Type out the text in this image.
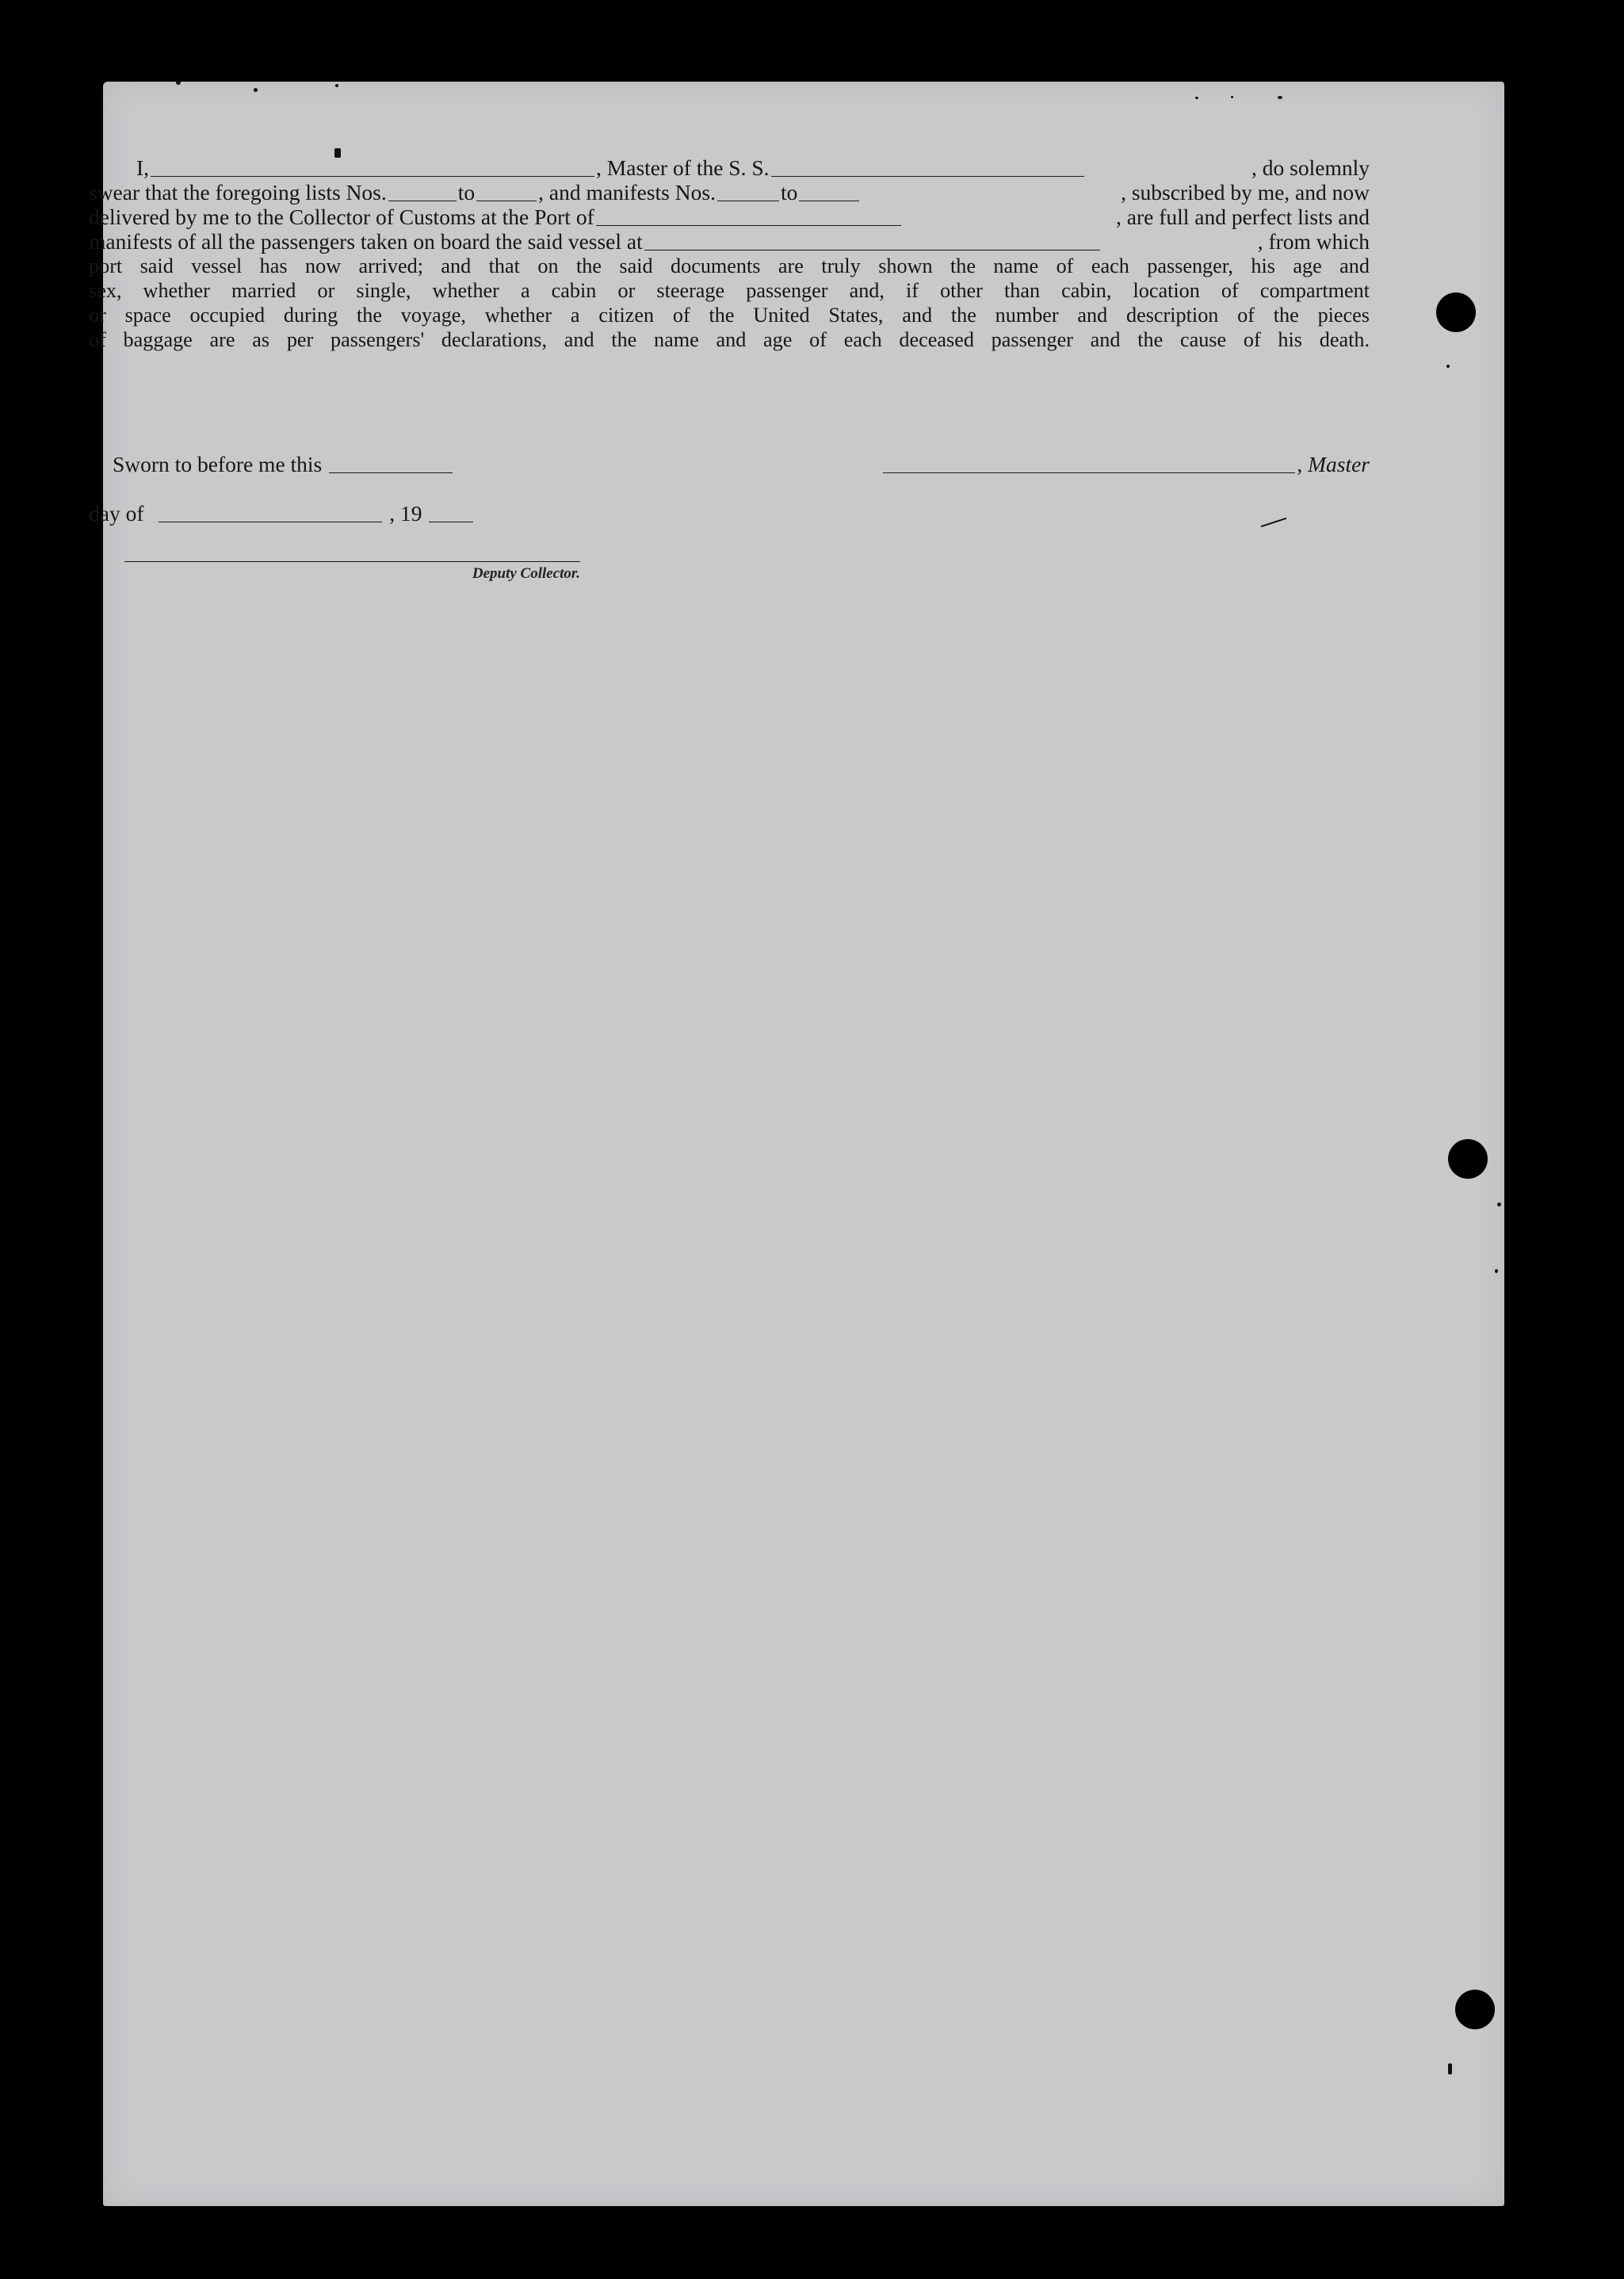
I,	, Master of the S. S.	, do solemnly
swear that the foregoing lists Nos.	to	, and manifests Nos.	to	, subscribed by me, and now
delivered by me to the Collector of Customs at the Port of	, are full and perfect lists and
manifests of all the passengers taken on board the said vessel at	, from which
port said vessel has now arrived; and that on the said documents are truly shown the name of each passenger, his age and
sex, whether married or single, whether a cabin or steerage passenger and, if other than cabin, location of compartment
or space occupied during the voyage, whether a citizen of the United States, and the number and description of the pieces
of baggage are as per passengers' declarations, and the name and age of each deceased passenger and the cause of his death.
Sworn to before me this	, Master
day of	, 19
Deputy Collector.
